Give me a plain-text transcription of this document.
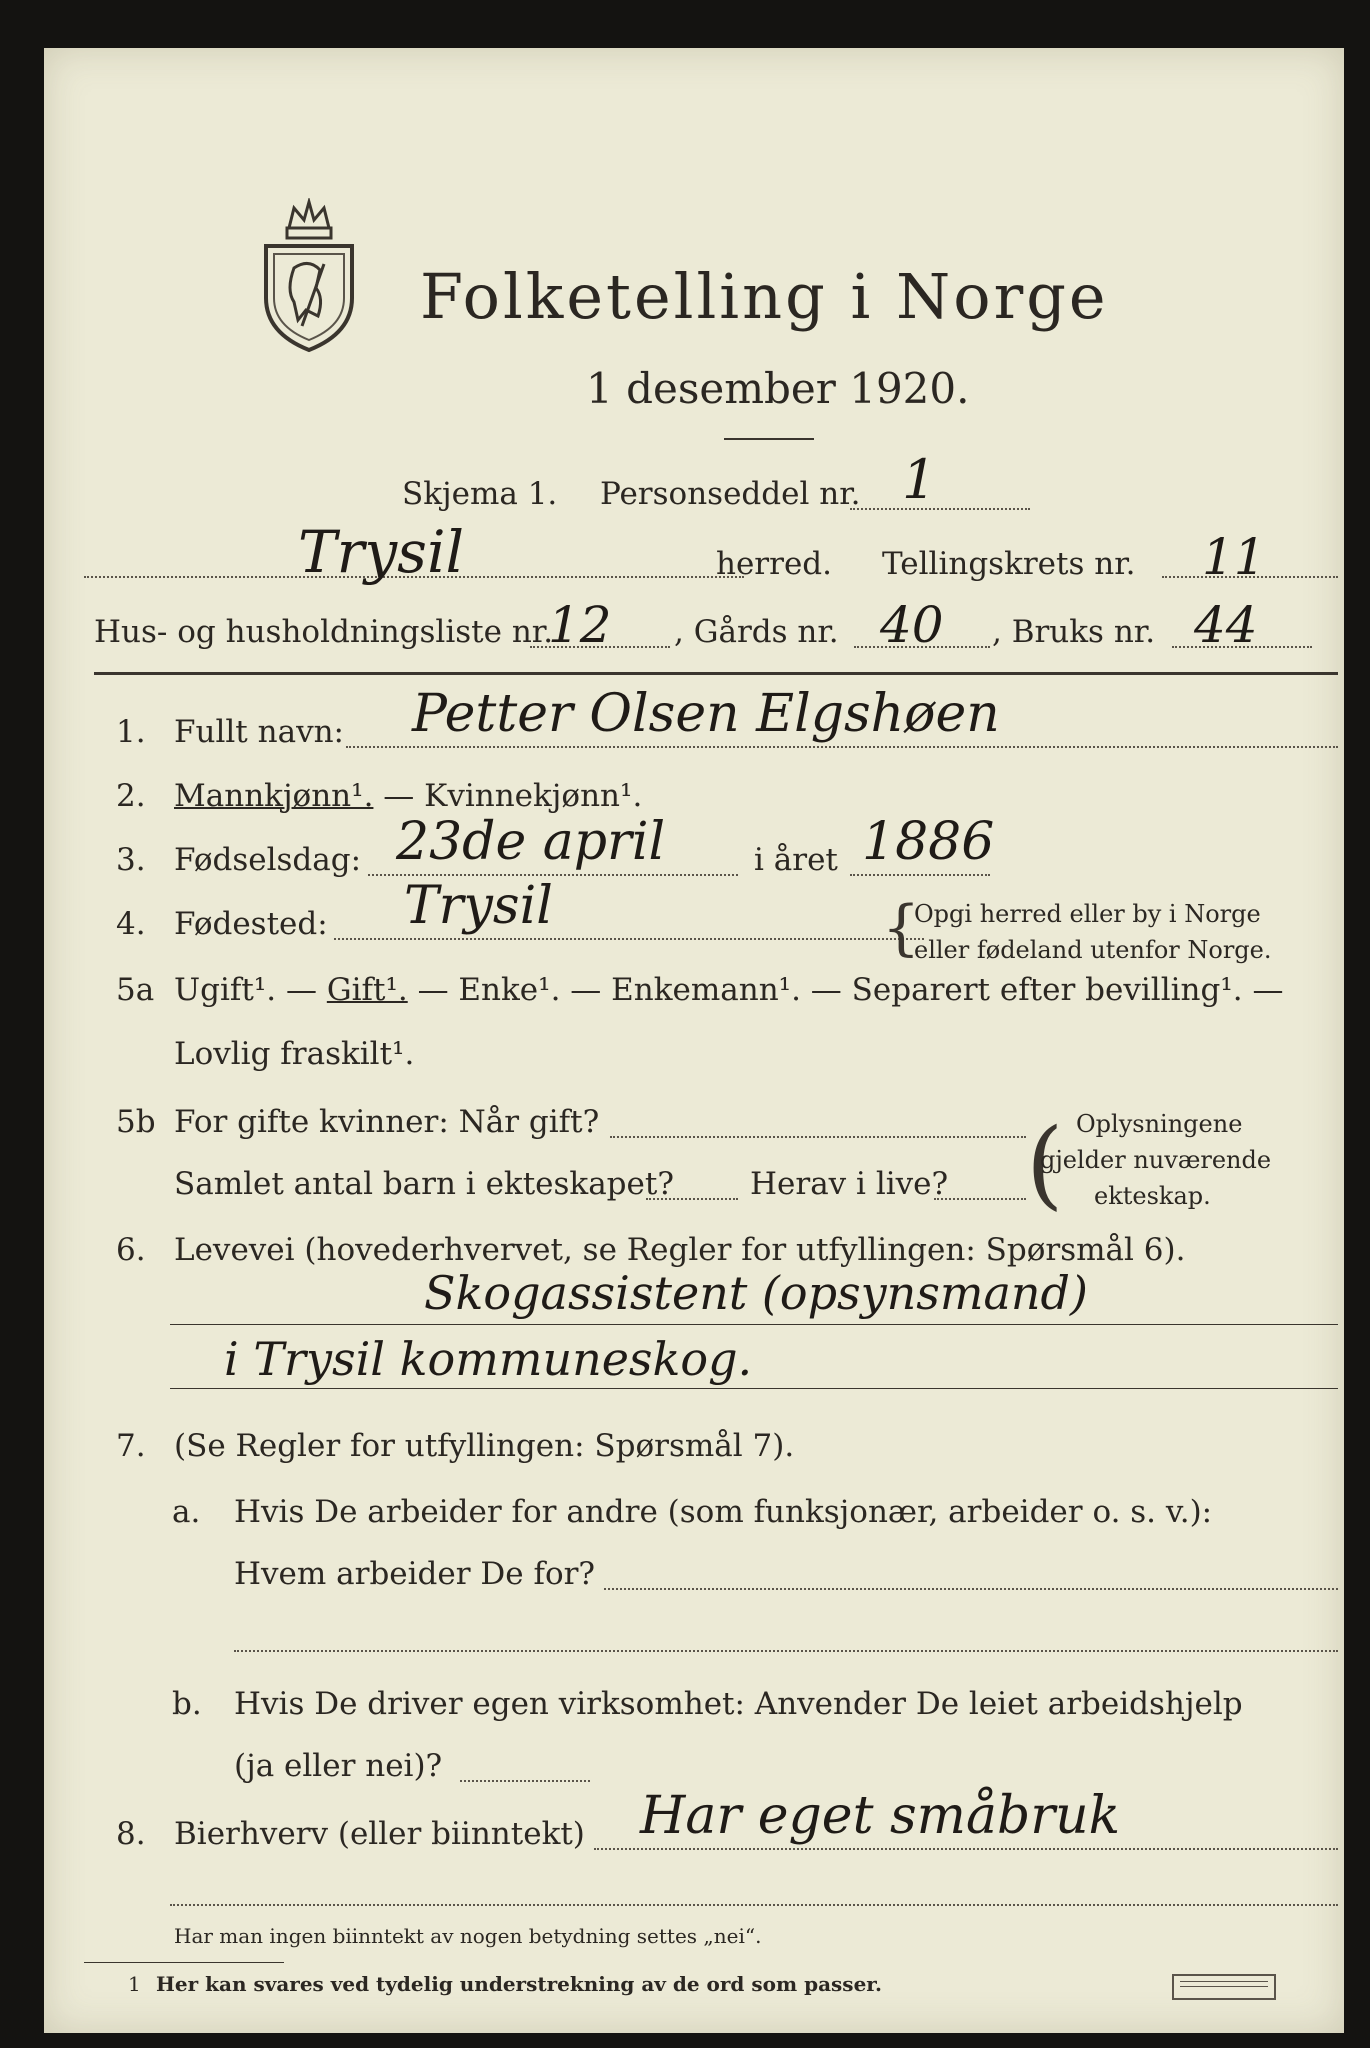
Folketelling i Norge
1 desember 1920.
Skjema 1. Personseddel nr. 1
Trysil	herred. Tellingskrets nr. 11
Hus- og husholdningsliste nr.
12 , Gårds nr. 40 , Bruks nr. 44
1. Fullt navn: Petter Olsen Elgshøen
2. Mannkjønn¹. — Kvinnekjønn¹.
3. Fødselsdag: 23de april	i året 1886
4. Fødested: Trysil	{
Opgi herred eller by i Norge
eller fødeland utenfor Norge.
5a Ugift¹. — Gift¹. — Enke¹. — Enkemann¹. — Separert efter bevilling¹. —
Lovlig fraskilt¹.
5b For gifte kvinner: Når gift?
Samlet antal barn i ekteskapet? Herav i live? ( Oplysningene
gjelder nuværende
ekteskap.
6. Levevei (hovederhvervet, se Regler for utfyllingen: Spørsmål 6).
Skogassistent (opsynsmand)
i Trysil kommuneskog.
7. (Se Regler for utfyllingen: Spørsmål 7).
a. Hvis De arbeider for andre (som funksjonær, arbeider o. s. v.):
Hvem arbeider De for?
b. Hvis De driver egen virksomhet: Anvender De leiet arbeidshjelp
(ja eller nei)?
8. Bierhverv (eller biinntekt) Har eget småbruk
Har man ingen biinntekt av nogen betydning settes „nei“.
1 Her kan svares ved tydelig understrekning av de ord som passer.
